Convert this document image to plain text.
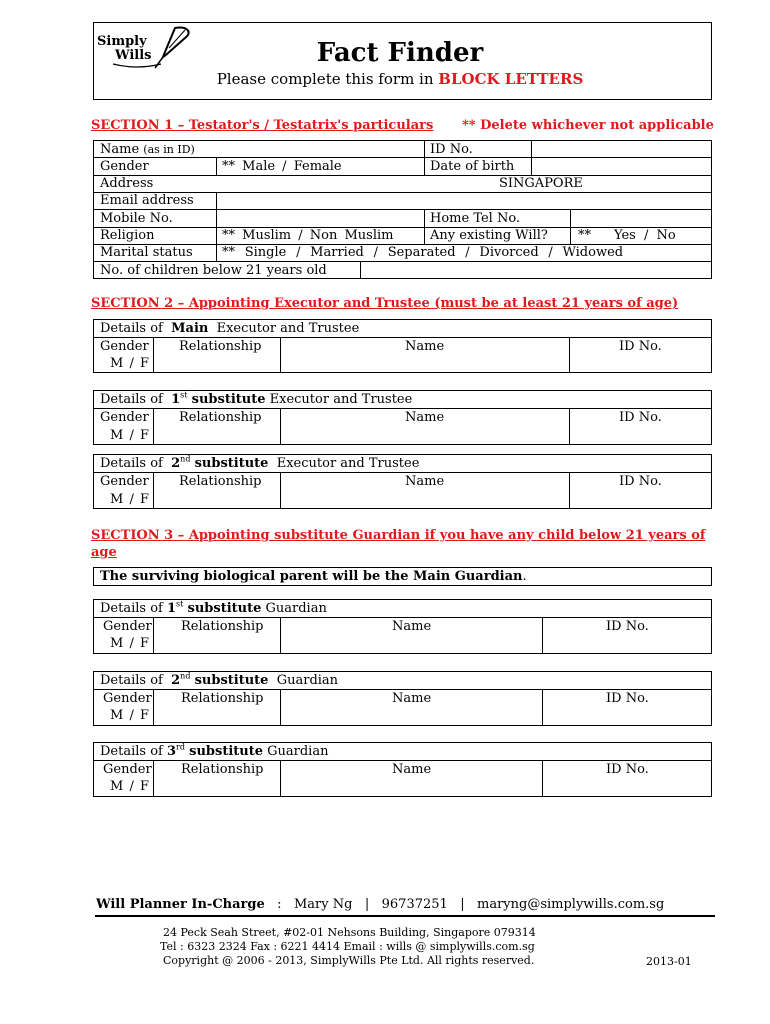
Simply
Wills	Fact Finder
Please complete this form in BLOCK LETTERS
SECTION 1 – Testator's / Testatrix's particulars ** Delete whichever not applicable
Name (as in ID)	ID No.
Gender	** Male / Female	Date of birth
Address	SINGAPORE
Email address
Mobile No.	Home Tel No.
Religion	** Muslim / Non Muslim	Any existing Will? ** Yes / No
Marital status ** Single / Married / Separated / Divorced / Widowed
No. of children below 21 years old
SECTION 2 – Appointing Executor and Trustee (must be at least 21 years of age)
Details of Main Executor and Trustee
Gender Relationship	Name	ID No.
M / F
Details of 1st substitute Executor and Trustee
Gender Relationship	Name	ID No.
M / F
Details of 2nd substitute Executor and Trustee
Gender Relationship	Name	ID No.
M / F
SECTION 3 – Appointing substitute Guardian if you have any child below 21 years of
age
The surviving biological parent will be the Main Guardian.
Details of 1st substitute Guardian
Gender Relationship	Name	ID No.
M / F
Details of 2nd substitute Guardian
Gender Relationship	Name	ID No.
M / F
Details of 3rd substitute Guardian
Gender Relationship	Name	ID No.
M / F
Will Planner In-Charge : Mary Ng | 96737251 | maryng@simplywills.com.sg
24 Peck Seah Street, #02-01 Nehsons Building, Singapore 079314
Tel : 6323 2324 Fax : 6221 4414 Email : wills @ simplywills.com.sg
Copyright @ 2006 - 2013, SimplyWills Pte Ltd. All rights reserved.	2013-01
